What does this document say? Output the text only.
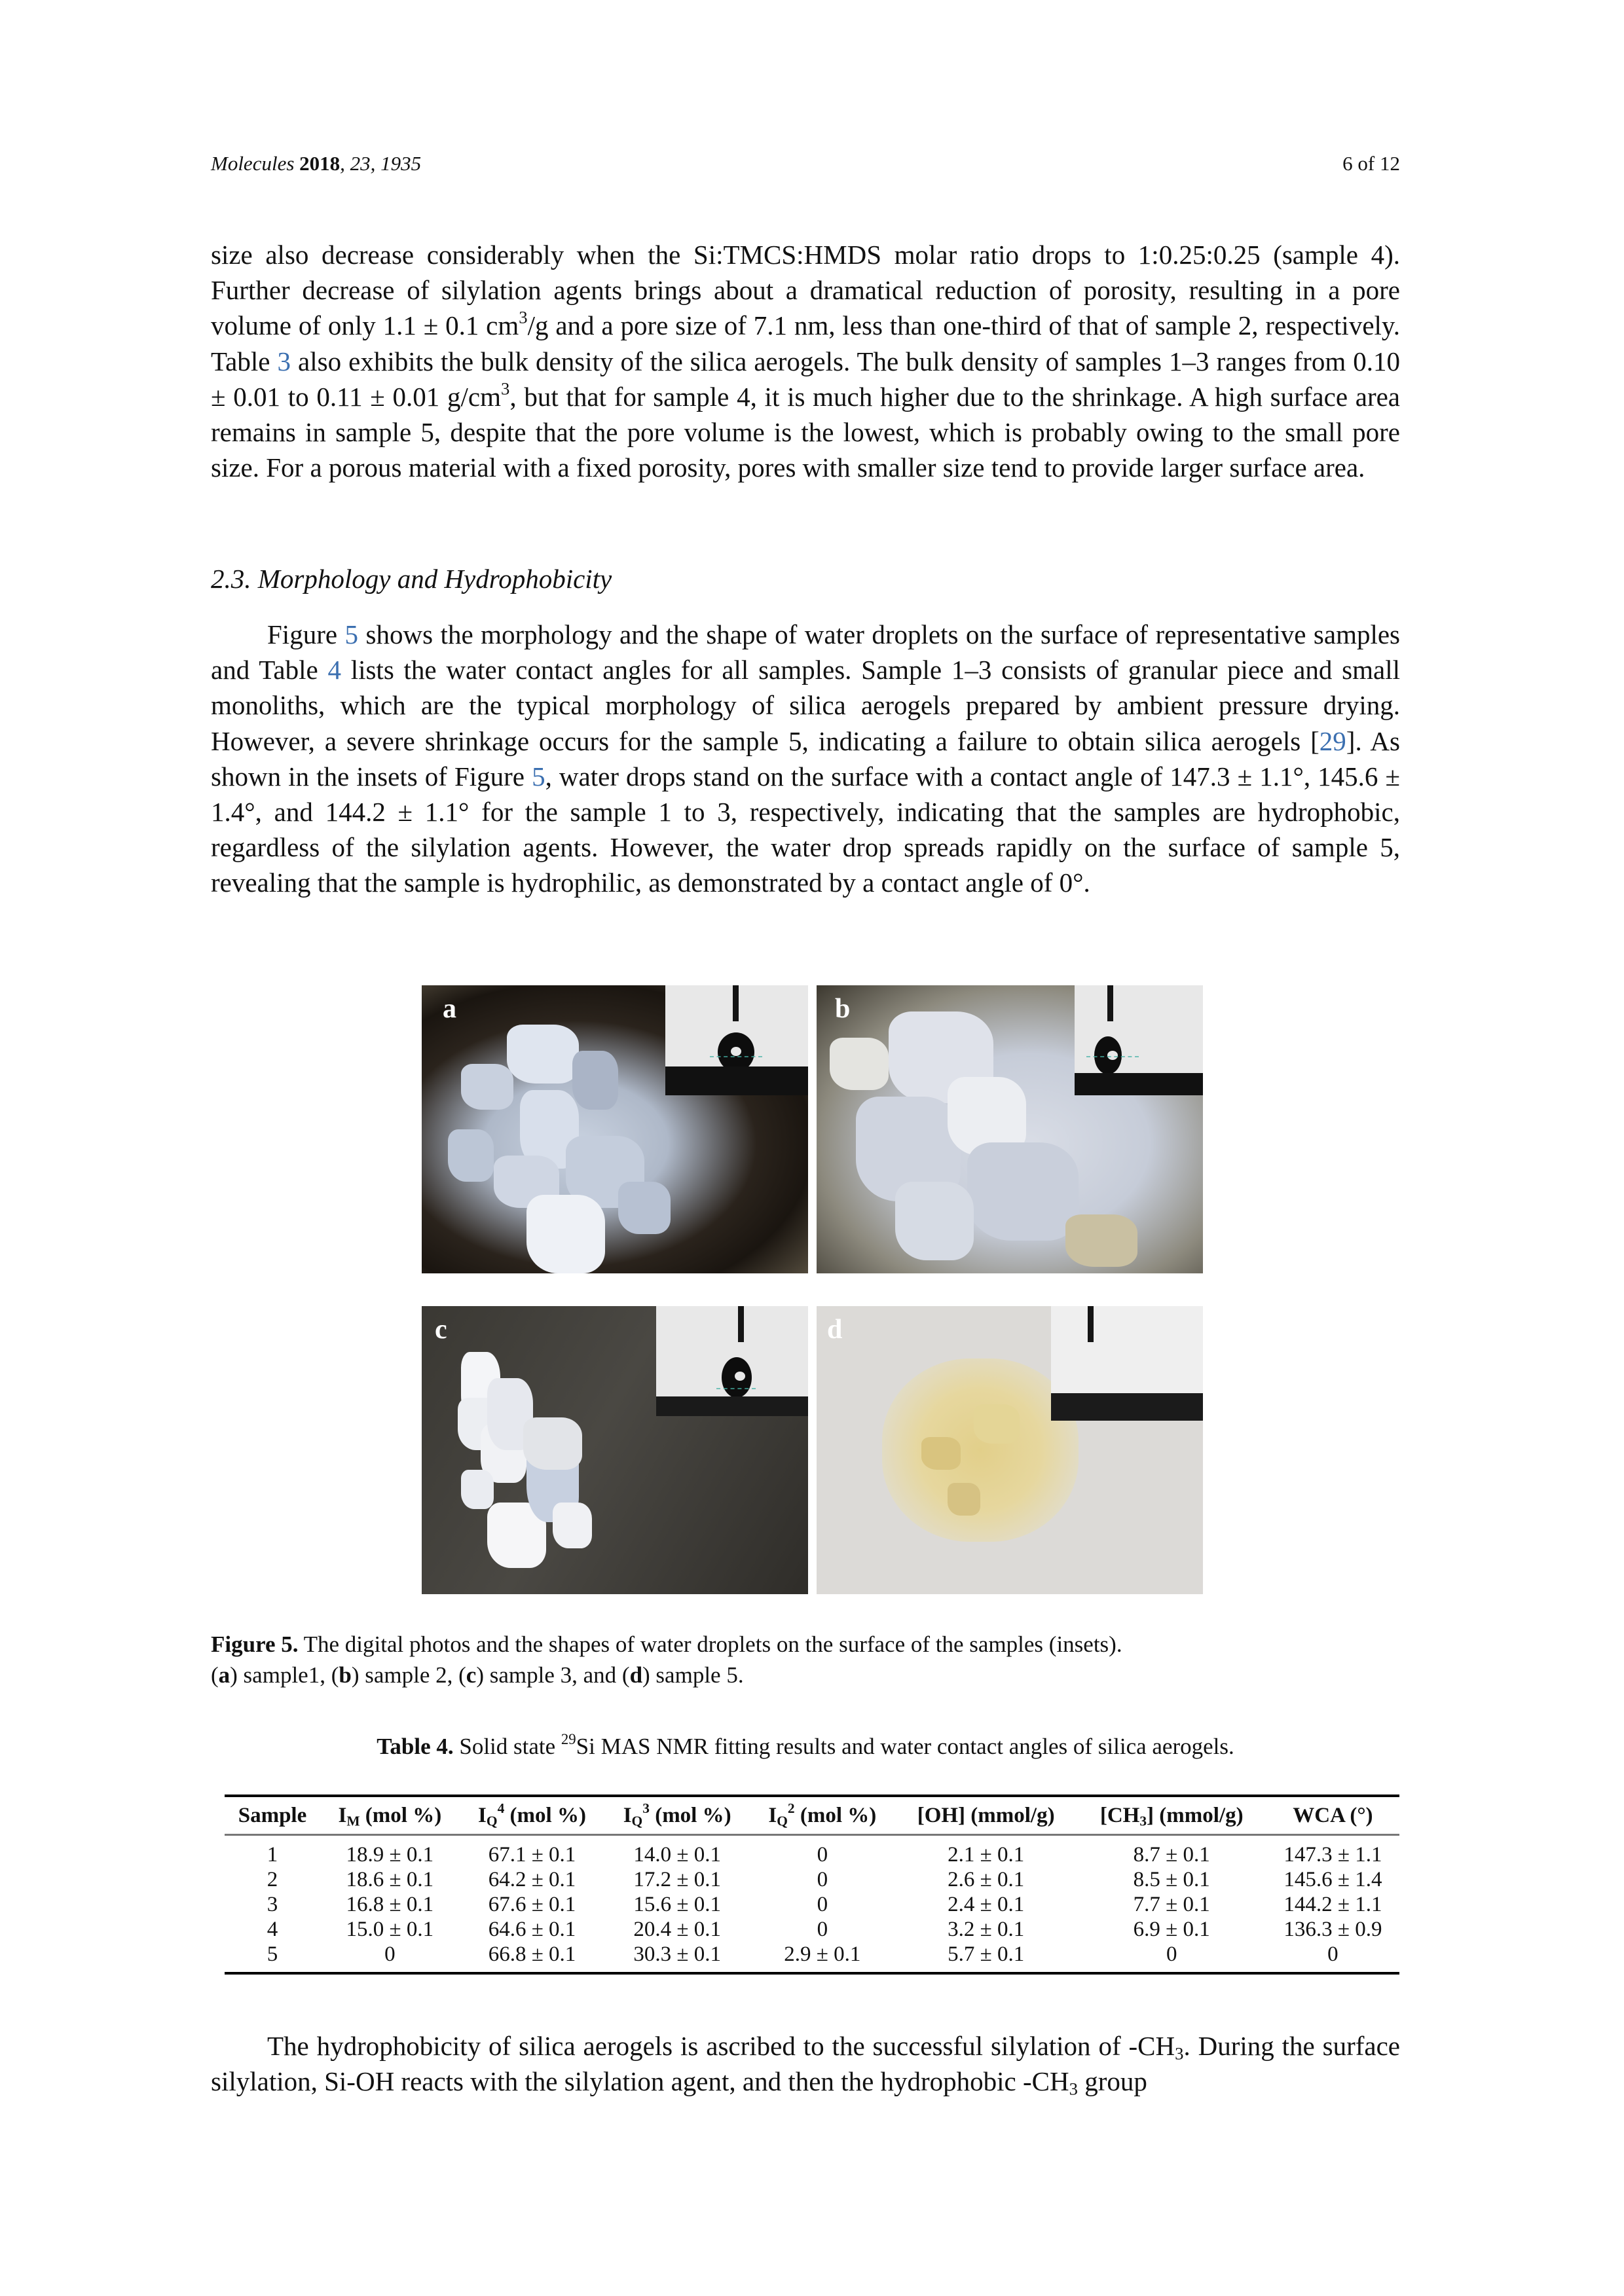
Molecules 2018, 23, 1935	6 of 12

size also decrease considerably when the Si:TMCS:HMDS molar ratio drops to 1:0.25:0.25 (sample 4). Further decrease of silylation agents brings about a dramatical reduction of porosity, resulting in a pore volume of only 1.1 ± 0.1 $cm^3/g$ and a pore size of 7.1 nm, less than one-third of that of sample 2, respectively. Table 3 also exhibits the bulk density of the silica aerogels. The bulk density of samples 1–3 ranges from 0.10 ± 0.01 to 0.11 ± 0.01 $g/cm^3$, but that for sample 4, it is much higher due to the shrinkage. A high surface area remains in sample 5, despite that the pore volume is the lowest, which is probably owing to the small pore size. For a porous material with a fixed porosity, pores with smaller size tend to provide larger surface area.

2.3. Morphology and Hydrophobicity

Figure 5 shows the morphology and the shape of water droplets on the surface of representative samples and Table 4 lists the water contact angles for all samples. Sample 1–3 consists of granular piece and small monoliths, which are the typical morphology of silica aerogels prepared by ambient pressure drying. However, a severe shrinkage occurs for the sample 5, indicating a failure to obtain silica aerogels [29]. As shown in the insets of Figure 5, water drops stand on the surface with a contact angle of 147.3 ± 1.1°, 145.6 ± 1.4°, and 144.2 ± 1.1° for the sample 1 to 3, respectively, indicating that the samples are hydrophobic, regardless of the silylation agents. However, the water drop spreads rapidly on the surface of sample 5, revealing that the sample is hydrophilic, as demonstrated by a contact angle of 0°.

a	b
c	d
Figure 5. The digital photos and the shapes of water droplets on the surface of the samples (insets).
(a) sample1, (b) sample 2, (c) sample 3, and (d) sample 5.
Table 4. Solid state $^{29}$Si MAS NMR fitting results and water contact angles of silica aerogels.
Sample	$I_M$ (mol %)	$I_Q^4$ (mol %)	$I_Q^3$ (mol %)	$I_Q^2$ (mol %)	[OH] (mmol/g)	$[CH_3]$ (mmol/g)	WCA (°)
1	18.9 ± 0.1	67.1 ± 0.1	14.0 ± 0.1	0	2.1 ± 0.1	8.7 ± 0.1	147.3 ± 1.1
2	18.6 ± 0.1	64.2 ± 0.1	17.2 ± 0.1	0	2.6 ± 0.1	8.5 ± 0.1	145.6 ± 1.4
3	16.8 ± 0.1	67.6 ± 0.1	15.6 ± 0.1	0	2.4 ± 0.1	7.7 ± 0.1	144.2 ± 1.1
4	15.0 ± 0.1	64.6 ± 0.1	20.4 ± 0.1	0	3.2 ± 0.1	6.9 ± 0.1	136.3 ± 0.9
5	0	66.8 ± 0.1	30.3 ± 0.1	2.9 ± 0.1	5.7 ± 0.1	0	0

The hydrophobicity of silica aerogels is ascribed to the successful silylation of $-CH_3$. During the surface silylation, Si-OH reacts with the silylation agent, and then the hydrophobic $-CH_3$ group
